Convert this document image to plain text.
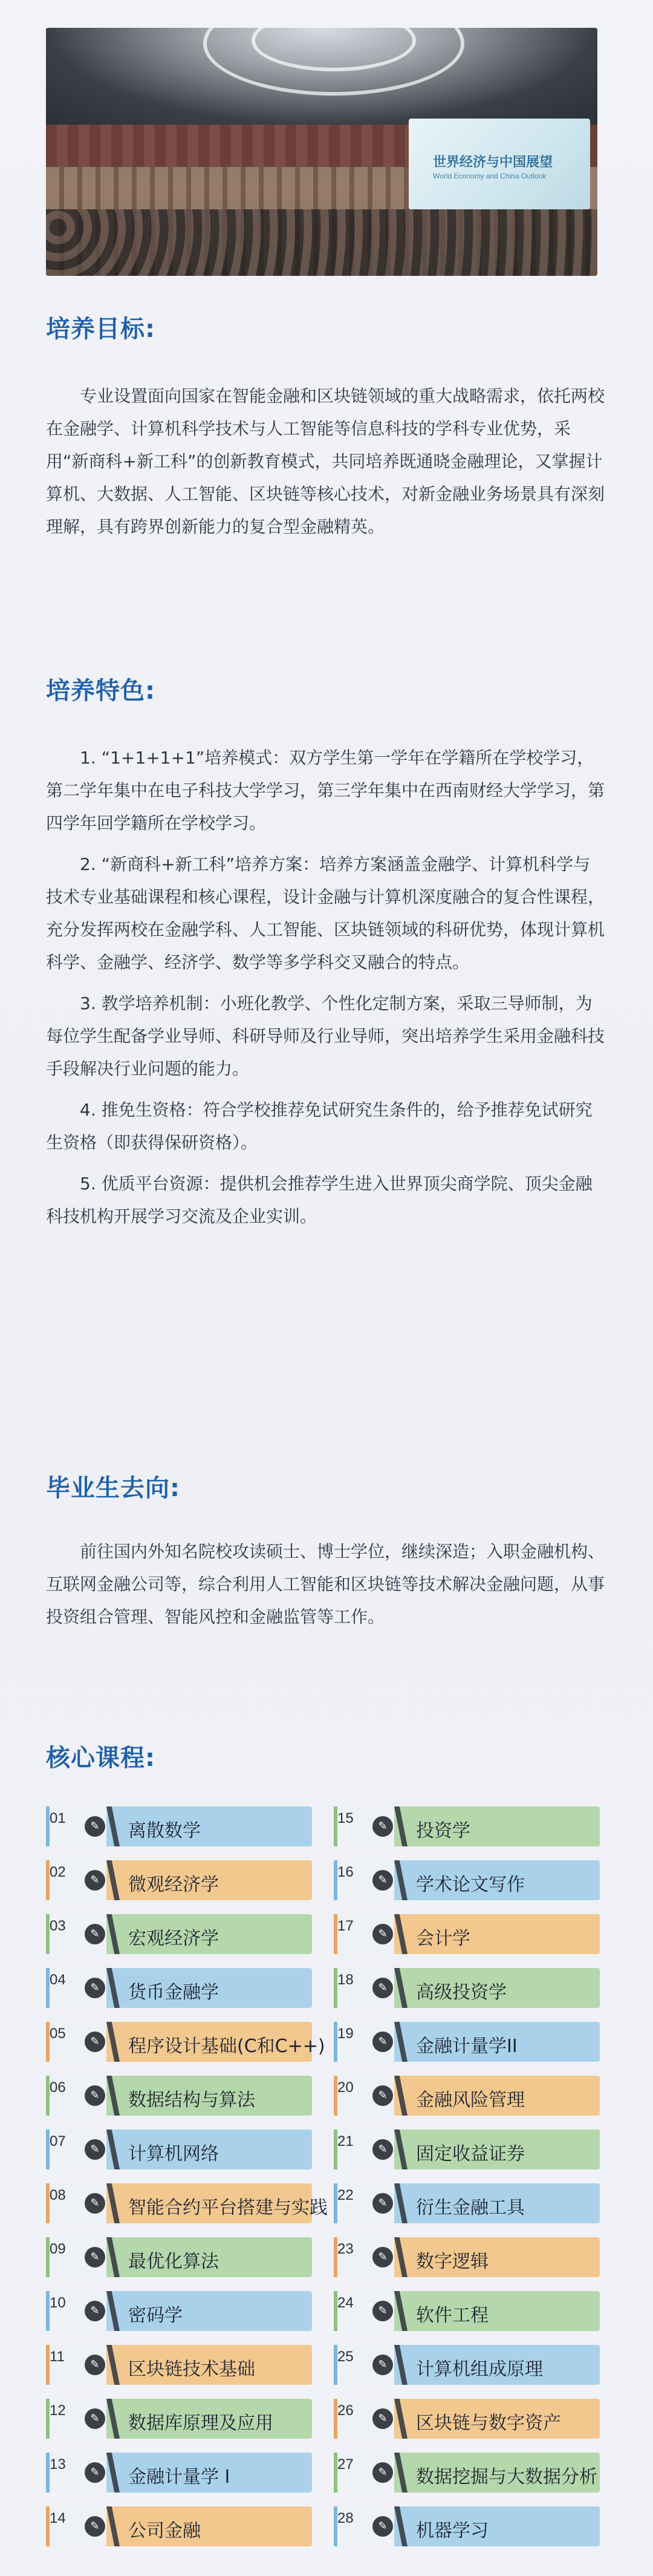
世界经济与中国展望
World Economy and China Outlook
培养目标:

专业设置面向国家在智能金融和区块链领域的重大战略需求，依托两校在金融学、计算机科学技术与人工智能等信息科技的学科专业优势，采用“新商科+新工科”的创新教育模式，共同培养既通晓金融理论，又掌握计算机、大数据、人工智能、区块链等核心技术，对新金融业务场景具有深刻理解，具有跨界创新能力的复合型金融精英。

培养特色:

1. “1+1+1+1”培养模式：双方学生第一学年在学籍所在学校学习，第二学年集中在电子科技大学学习，第三学年集中在西南财经大学学习，第四学年回学籍所在学校学习。

2. “新商科+新工科”培养方案：培养方案涵盖金融学、计算机科学与技术专业基础课程和核心课程，设计金融与计算机深度融合的复合性课程，充分发挥两校在金融学科、人工智能、区块链领域的科研优势，体现计算机科学、金融学、经济学、数学等多学科交叉融合的特点。

3. 教学培养机制：小班化教学、个性化定制方案，采取三导师制，为每位学生配备学业导师、科研导师及行业导师，突出培养学生采用金融科技手段解决行业问题的能力。

4. 推免生资格：符合学校推荐免试研究生条件的，给予推荐免试研究生资格（即获得保研资格）。

5. 优质平台资源：提供机会推荐学生进入世界顶尖商学院、顶尖金融科技机构开展学习交流及企业实训。

毕业生去向:

前往国内外知名院校攻读硕士、博士学位，继续深造；入职金融机构、互联网金融公司等，综合利用人工智能和区块链等技术解决金融问题，从事投资组合管理、智能风控和金融监管等工作。

核心课程:
01	✎	离散数学
02	✎	微观经济学
03	✎	宏观经济学
04	✎	货币金融学
05	✎	程序设计基础(C和C++)
06	✎	数据结构与算法
07	✎	计算机网络
08	✎	智能合约平台搭建与实践
09	✎	最优化算法
10	✎	密码学
11	✎	区块链技术基础
12	✎	数据库原理及应用
13	✎	金融计量学 I
14	✎	公司金融
15	✎	投资学
16	✎	学术论文写作
17	✎	会计学
18	✎	高级投资学
19	✎	金融计量学II
20	✎	金融风险管理
21	✎	固定收益证券
22	✎	衍生金融工具
23	✎	数字逻辑
24	✎	软件工程
25	✎	计算机组成原理
26	✎	区块链与数字资产
27	✎	数据挖掘与大数据分析
28	✎	机器学习
